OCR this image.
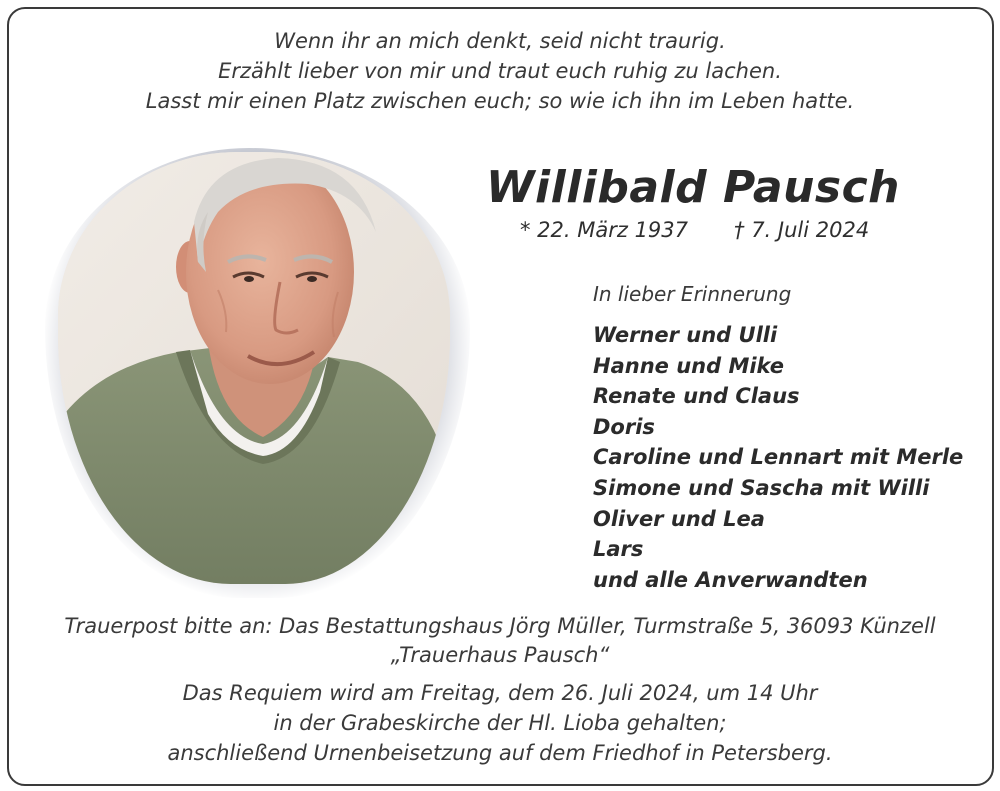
Wenn ihr an mich denkt, seid nicht traurig.
Erzählt lieber von mir und traut euch ruhig zu lachen.
Lasst mir einen Platz zwischen euch; so wie ich ihn im Leben hatte.

Willibald Pausch
* 22. März 1937 † 7. Juli 2024
In lieber Erinnerung
Werner und Ulli
Hanne und Mike
Renate und Claus
Doris
Caroline und Lennart mit Merle
Simone und Sascha mit Willi
Oliver und Lea
Lars
und alle Anverwandten
Trauerpost bitte an: Das Bestattungshaus Jörg Müller, Turmstraße 5, 36093 Künzell
„Trauerhaus Pausch“
Das Requiem wird am Freitag, dem 26. Juli 2024, um 14 Uhr
in der Grabeskirche der Hl. Lioba gehalten;
anschließend Urnenbeisetzung auf dem Friedhof in Petersberg.
